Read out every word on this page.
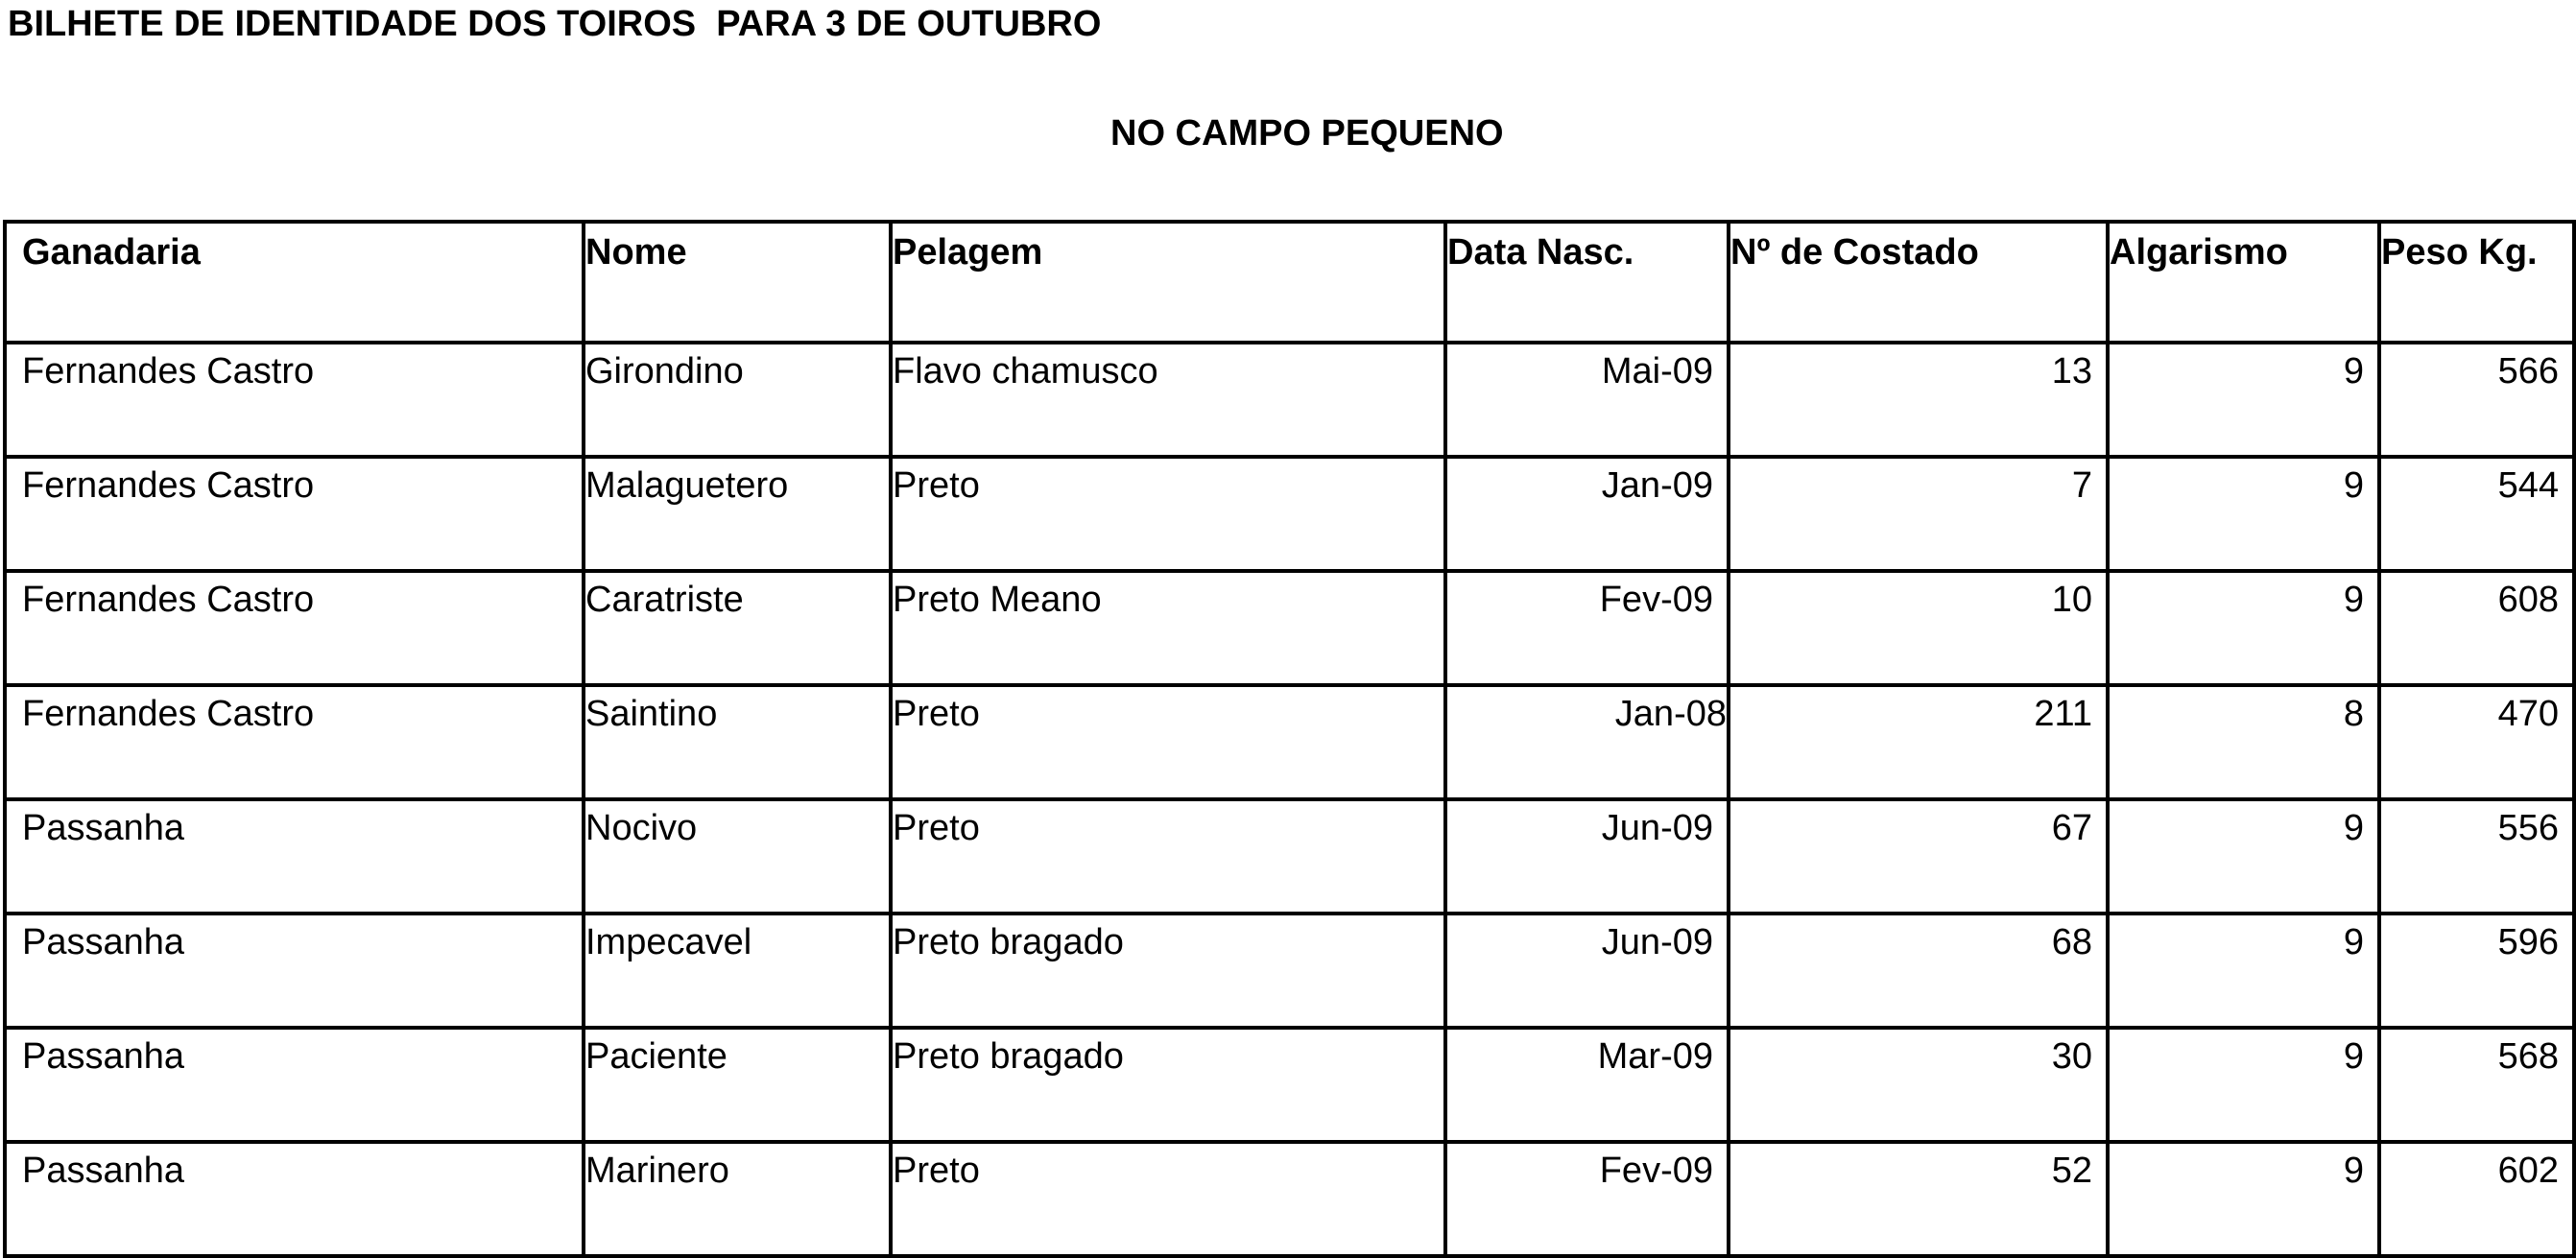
BILHETE DE IDENTIDADE DOS TOIROS  PARA 3 DE OUTUBRO
NO CAMPO PEQUENO
Ganadaria	Nome	Pelagem	Data Nasc.	Nº de Costado	Algarismo	Peso Kg.
Fernandes Castro	Girondino	Flavo chamusco	Mai-09	13	9	566
Fernandes Castro	Malaguetero	Preto	Jan-09	7	9	544
Fernandes Castro	Caratriste	Preto Meano	Fev-09	10	9	608
Fernandes Castro	Saintino	Preto	Jan-08	211	8	470
Passanha	Nocivo	Preto	Jun-09	67	9	556
Passanha	Impecavel	Preto bragado	Jun-09	68	9	596
Passanha	Paciente	Preto bragado	Mar-09	30	9	568
Passanha	Marinero	Preto	Fev-09	52	9	602
